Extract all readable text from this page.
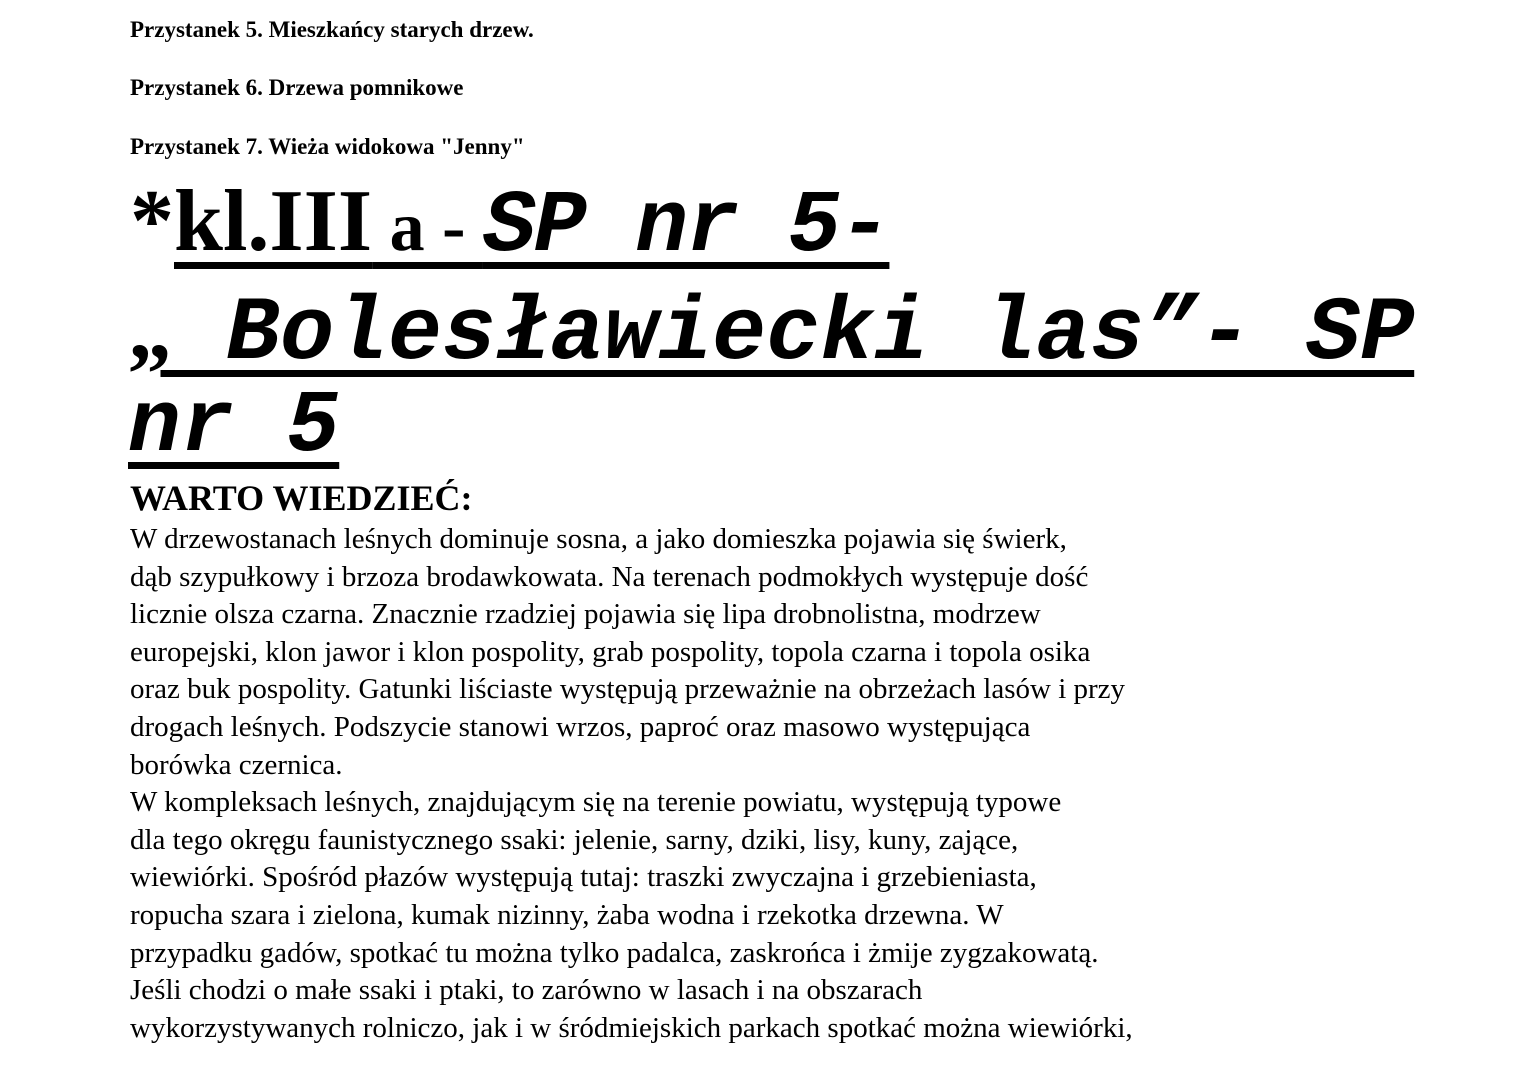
Przystanek 5. Mieszkańcy starych drzew.

Przystanek 6. Drzewa pomnikowe

Przystanek 7. Wieża widokowa "Jenny"

*kl.III a - SP nr 5-
„ Bolesławiecki las”- SP
nr 5
WARTO WIEDZIEĆ:
W drzewostanach leśnych dominuje sosna, a jako domieszka pojawia się świerk,
dąb szypułkowy i brzoza brodawkowata. Na terenach podmokłych występuje dość
licznie olsza czarna. Znacznie rzadziej pojawia się lipa drobnolistna, modrzew
europejski, klon jawor i klon pospolity, grab pospolity, topola czarna i topola osika
oraz buk pospolity. Gatunki liściaste występują przeważnie na obrzeżach lasów i przy
drogach leśnych. Podszycie stanowi wrzos, paproć oraz masowo występująca
borówka czernica.
W kompleksach leśnych, znajdującym się na terenie powiatu, występują typowe
dla tego okręgu faunistycznego ssaki: jelenie, sarny, dziki, lisy, kuny, zające,
wiewiórki. Spośród płazów występują tutaj: traszki zwyczajna i grzebieniasta,
ropucha szara i zielona, kumak nizinny, żaba wodna i rzekotka drzewna. W
przypadku gadów, spotkać tu można tylko padalca, zaskrońca i żmije zygzakowatą.
Jeśli chodzi o małe ssaki i ptaki, to zarówno w lasach i na obszarach
wykorzystywanych rolniczo, jak i w śródmiejskich parkach spotkać można wiewiórki,
